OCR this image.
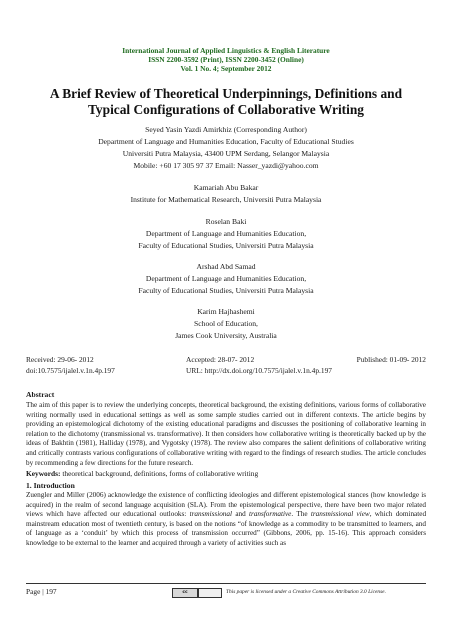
International Journal of Applied Linguistics & English Literature
ISSN 2200-3592 (Print), ISSN 2200-3452 (Online)
Vol. 1 No. 4; September 2012
A Brief Review of Theoretical Underpinnings, Definitions and
Typical Configurations of Collaborative Writing
Seyed Yasin Yazdi Amirkhiz (Corresponding Author)
Department of Language and Humanities Education, Faculty of Educational Studies
Universiti Putra Malaysia, 43400 UPM Serdang, Selangor Malaysia
Mobile: +60 17 305 97 37 Email: Nasser_yazdi@yahoo.com
Kamariah Abu Bakar
Institute for Mathematical Research, Universiti Putra Malaysia
Roselan Baki
Department of Language and Humanities Education,
Faculty of Educational Studies, Universiti Putra Malaysia
Arshad Abd Samad
Department of Language and Humanities Education,
Faculty of Educational Studies, Universiti Putra Malaysia
Karim Hajhashemi
School of Education,
James Cook University, Australia
Received: 29-06- 2012	Accepted: 28-07- 2012	Published: 01-09- 2012
doi:10.7575/ijalel.v.1n.4p.197	URL: http://dx.doi.org/10.7575/ijalel.v.1n.4p.197
Abstract
The aim of this paper is to review the underlying concepts, theoretical background, the existing definitions, various forms of collaborative writing normally used in educational settings as well as some sample studies carried out in different contexts. The article begins by providing an epistemological dichotomy of the existing educational paradigms and discusses the positioning of collaborative learning in relation to the dichotomy (transmissional vs. transformative). It then considers how collaborative writing is theoretically backed up by the ideas of Bakhtin (1981), Halliday (1978), and Vygotsky (1978). The review also compares the salient definitions of collaborative writing and critically contrasts various configurations of collaborative writing with regard to the findings of research studies. The article concludes by recommending a few directions for the future research.
Keywords: theoretical background, definitions, forms of collaborative writing
1. Introduction
Zuengler and Miller (2006) acknowledge the existence of conflicting ideologies and different epistemological stances (how knowledge is acquired) in the realm of second language acquisition (SLA). From the epistemological perspective, there have been two major related views which have affected our educational outlooks: transmissional and transformative. The transmissional view, which dominated mainstream education most of twentieth century, is based on the notions “of knowledge as a commodity to be transmitted to learners, and of language as a ‘conduit’ by which this process of transmission occurred” (Gibbons, 2006, pp. 15-16). This approach considers knowledge to be external to the learner and acquired through a variety of activities such as
Page | 197	cc	This paper is licensed under a Creative Commons Attribution 3.0 License.
